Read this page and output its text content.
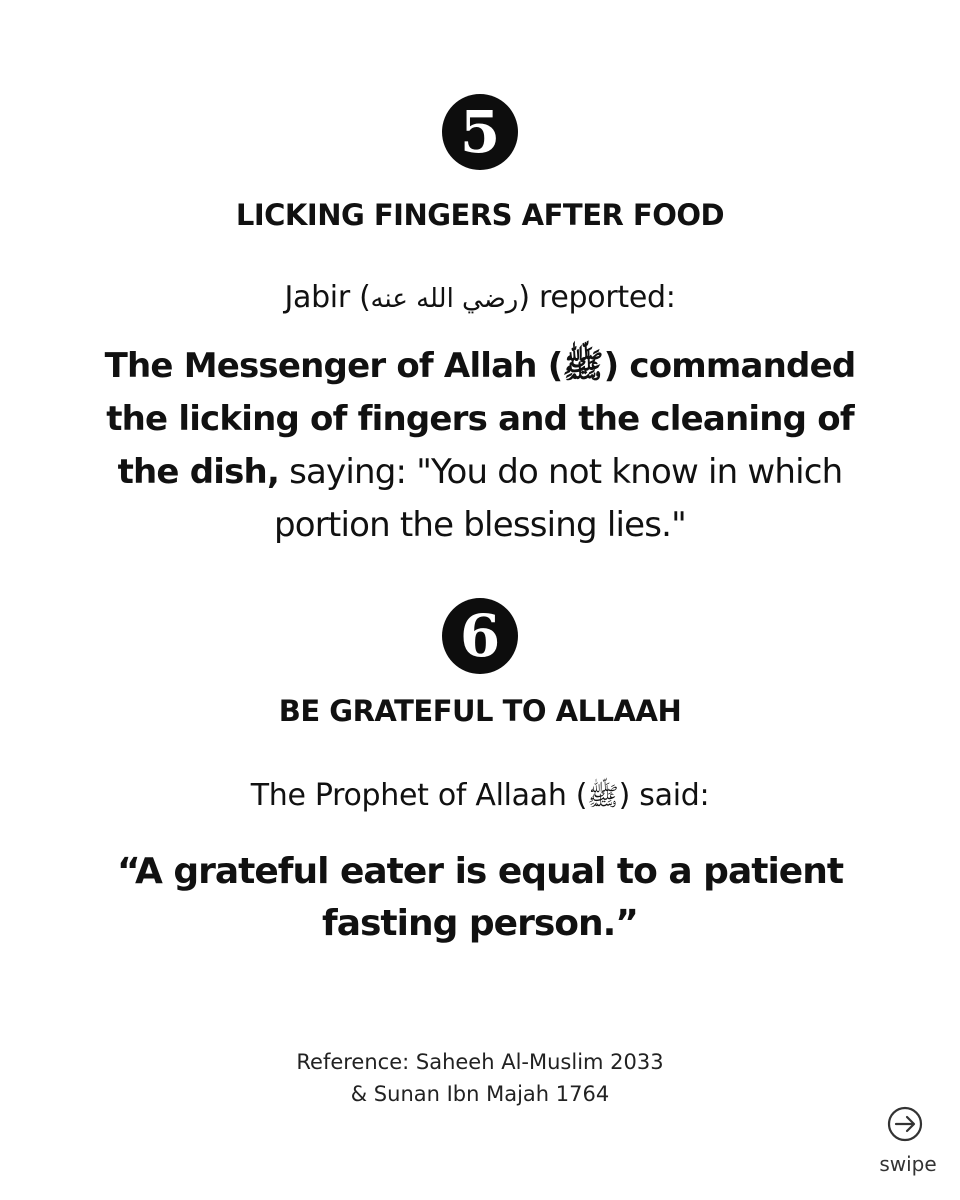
5
LICKING FINGERS AFTER FOOD
Jabir (رضي الله عنه) reported:
The Messenger of Allah (ﷺ) commanded
the licking of fingers and the cleaning of
the dish, saying: "You do not know in which
portion the blessing lies."
6
BE GRATEFUL TO ALLAAH
The Prophet of Allaah (ﷺ) said:
“A grateful eater is equal to a patient
fasting person.”
Reference: Saheeh Al-Muslim 2033
& Sunan Ibn Majah 1764
swipe
